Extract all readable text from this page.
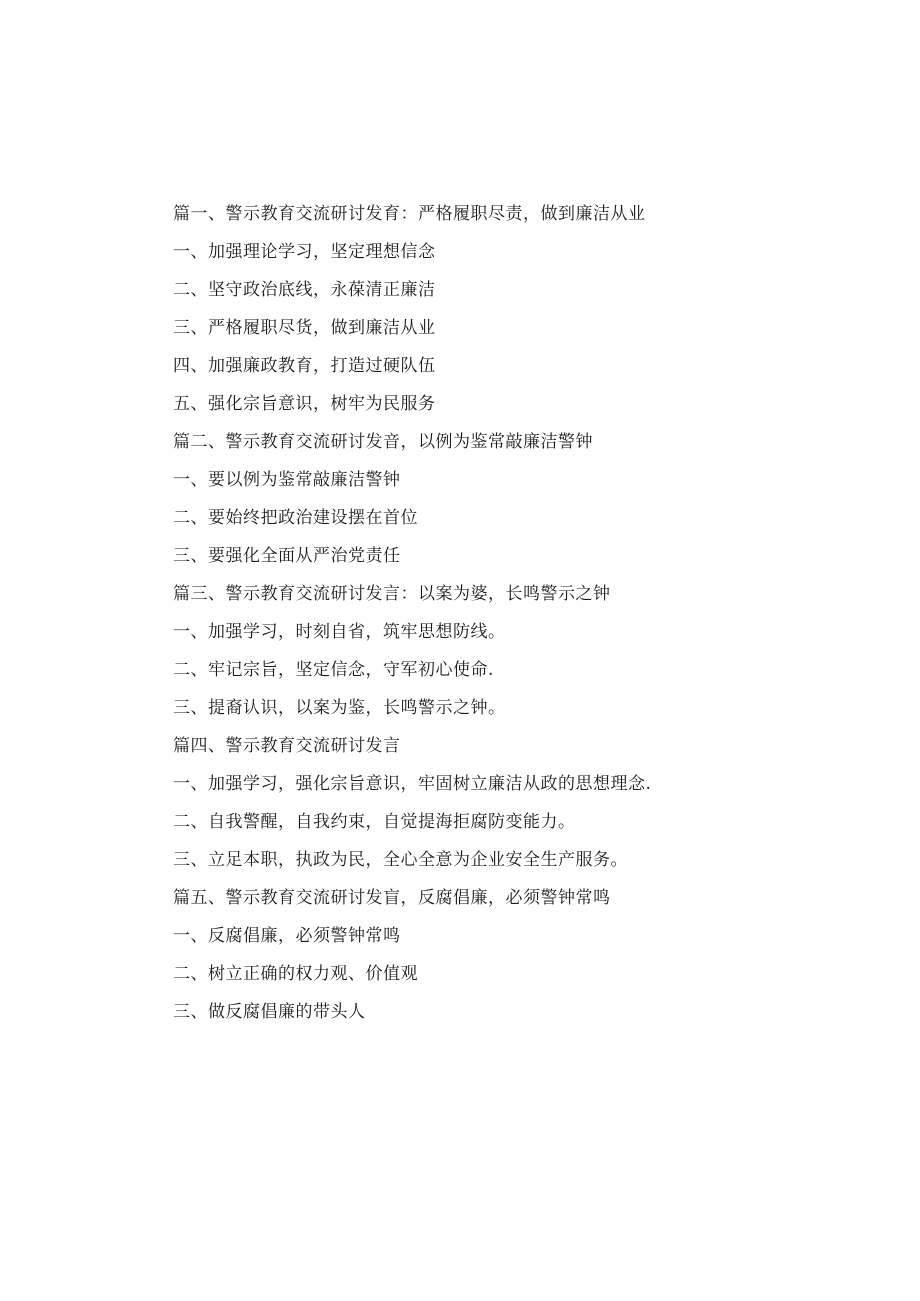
篇一、警示教育交流研讨发育：严格履职尽责，做到廉洁从业
一、加强理论学习，坚定理想信念
二、坚守政治底线，永葆清正廉洁
三、严格履职尽货，做到廉洁从业
四、加强廉政教育，打造过硬队伍
五、强化宗旨意识，树牢为民服务
篇二、警示教育交流研讨发音，以例为鉴常敲廉洁警钟
一、要以例为鉴常敲廉洁警钟
二、要始终把政治建设摆在首位
三、要强化全面从严治党责任
篇三、警示教育交流研讨发言：以案为婆，长鸣警示之钟
一、加强学习，时刻自省，筑牢思想防线。
二、牢记宗旨，坚定信念，守军初心使命.
三、提裔认识，以案为鉴，长鸣警示之钟。
篇四、警示教育交流研讨发言
一、加强学习，强化宗旨意识，牢固树立廉洁从政的思想理念.
二、自我警醒，自我约束，自觉提海拒腐防变能力。
三、立足本职，执政为民，全心全意为企业安全生产服务。
篇五、警示教育交流研讨发盲，反腐倡廉，必须警钟常鸣
一、反腐倡廉，必须警钟常鸣
二、树立正确的权力观、价值观
三、做反腐倡廉的带头人
